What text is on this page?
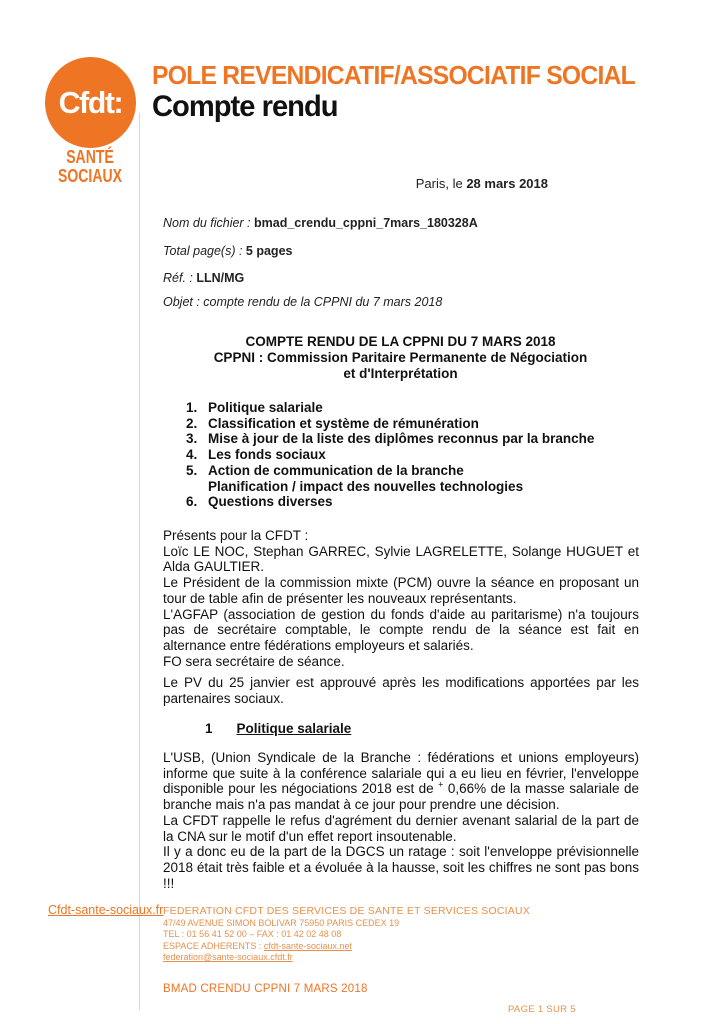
Cfdt:
SANTÉ
SOCIAUX
POLE REVENDICATIF/ASSOCIATIF SOCIAL
Compte rendu
Paris, le 28 mars 2018
Nom du fichier : bmad_crendu_cppni_7mars_180328A
Total page(s) : 5 pages
Réf. : LLN/MG
Objet : compte rendu de la CPPNI du 7 mars 2018
COMPTE RENDU DE LA CPPNI DU 7 MARS 2018
CPPNI : Commission Paritaire Permanente de Négociation
et d'Interprétation
1. Politique salariale
2. Classification et système de rémunération
3. Mise à jour de la liste des diplômes reconnus par la branche
4. Les fonds sociaux
5. Action de communication de la branche
Planification / impact des nouvelles technologies
6. Questions diverses

Présents pour la CFDT :

Loïc LE NOC, Stephan GARREC, Sylvie LAGRELETTE, Solange HUGUET et Alda GAULTIER.

Le Président de la commission mixte (PCM) ouvre la séance en proposant un tour de table afin de présenter les nouveaux représentants.

L'AGFAP (association de gestion du fonds d'aide au paritarisme) n'a toujours pas de secrétaire comptable, le compte rendu de la séance est fait en alternance entre fédérations employeurs et salariés.

FO sera secrétaire de séance.

Le PV du 25 janvier est approuvé après les modifications apportées par les partenaires sociaux.

1 Politique salariale

L'USB, (Union Syndicale de la Branche : fédérations et unions employeurs) informe que suite à la conférence salariale qui a eu lieu en février, l'enveloppe disponible pour les négociations 2018 est de + 0,66% de la masse salariale de branche mais n'a pas mandat à ce jour pour prendre une décision.

La CFDT rappelle le refus d'agrément du dernier avenant salarial de la part de la CNA sur le motif d'un effet report insoutenable.

Il y a donc eu de la part de la DGCS un ratage : soit l'enveloppe prévisionnelle 2018 était très faible et a évoluée à la hausse, soit les chiffres ne sont pas bons !!!

Cfdt-sante-sociaux.fr FEDERATION CFDT DES SERVICES DE SANTE ET SERVICES SOCIAUX
47/49 AVENUE SIMON BOLIVAR 75950 PARIS CEDEX 19
TEL : 01 56 41 52 00 – FAX : 01 42 02 48 08
ESPACE ADHERENTS : cfdt-sante-sociaux.net
federation@sante-sociaux.cfdt.fr
BMAD CRENDU CPPNI 7 MARS 2018
PAGE 1 SUR 5
